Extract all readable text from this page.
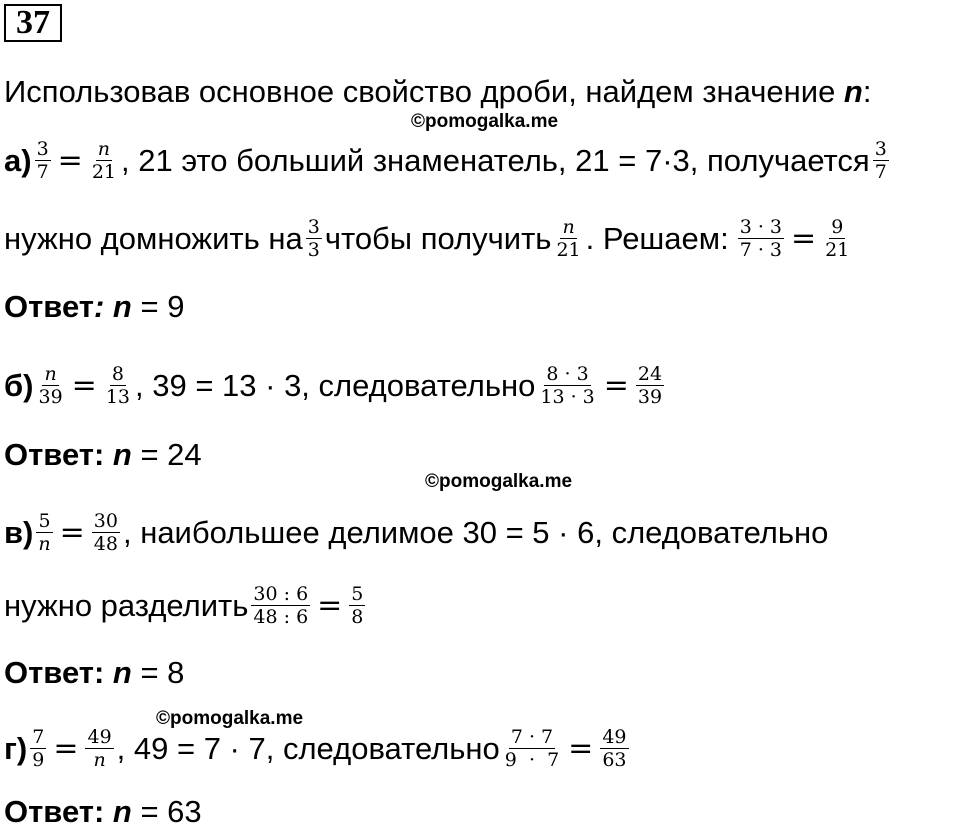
37
Использовав основное свойство дроби, найдем значение n :
©pomogalka.me
$а) \frac{3}{7} = \frac{n}{21}$ , 21 это больший знаменатель, 21 = 7·3, получается $\frac{3}{7}$
нужно домножить на $\frac{3}{3}$ чтобы получить $\frac{n}{21}$ . Решаем: $\frac{3 \cdot 3}{7 \cdot 3} = \frac{9}{21}$
Ответ :
n = 9
$б) \frac{n}{39} = \frac{8}{13}$ , 39 = 13 · 3, следовательно $\frac{8 \cdot 3}{13 \cdot 3} = \frac{24}{39}$
Ответ:
n = 24
©pomogalka.me
$в) \frac{5}{n} = \frac{30}{48}$ , наибольшее делимое 30 = 5 · 6, следовательно
нужно разделить $\frac{30 : 6}{48 : 6} = \frac{5}{8}$
Ответ:
n = 8
©pomogalka.me
$г) \frac{7}{9} = \frac{49}{n}$ , 49 = 7 · 7, следовательно $\frac{7 \cdot 7}{9 \cdot 7} = \frac{49}{63}$
Ответ:
n = 63
